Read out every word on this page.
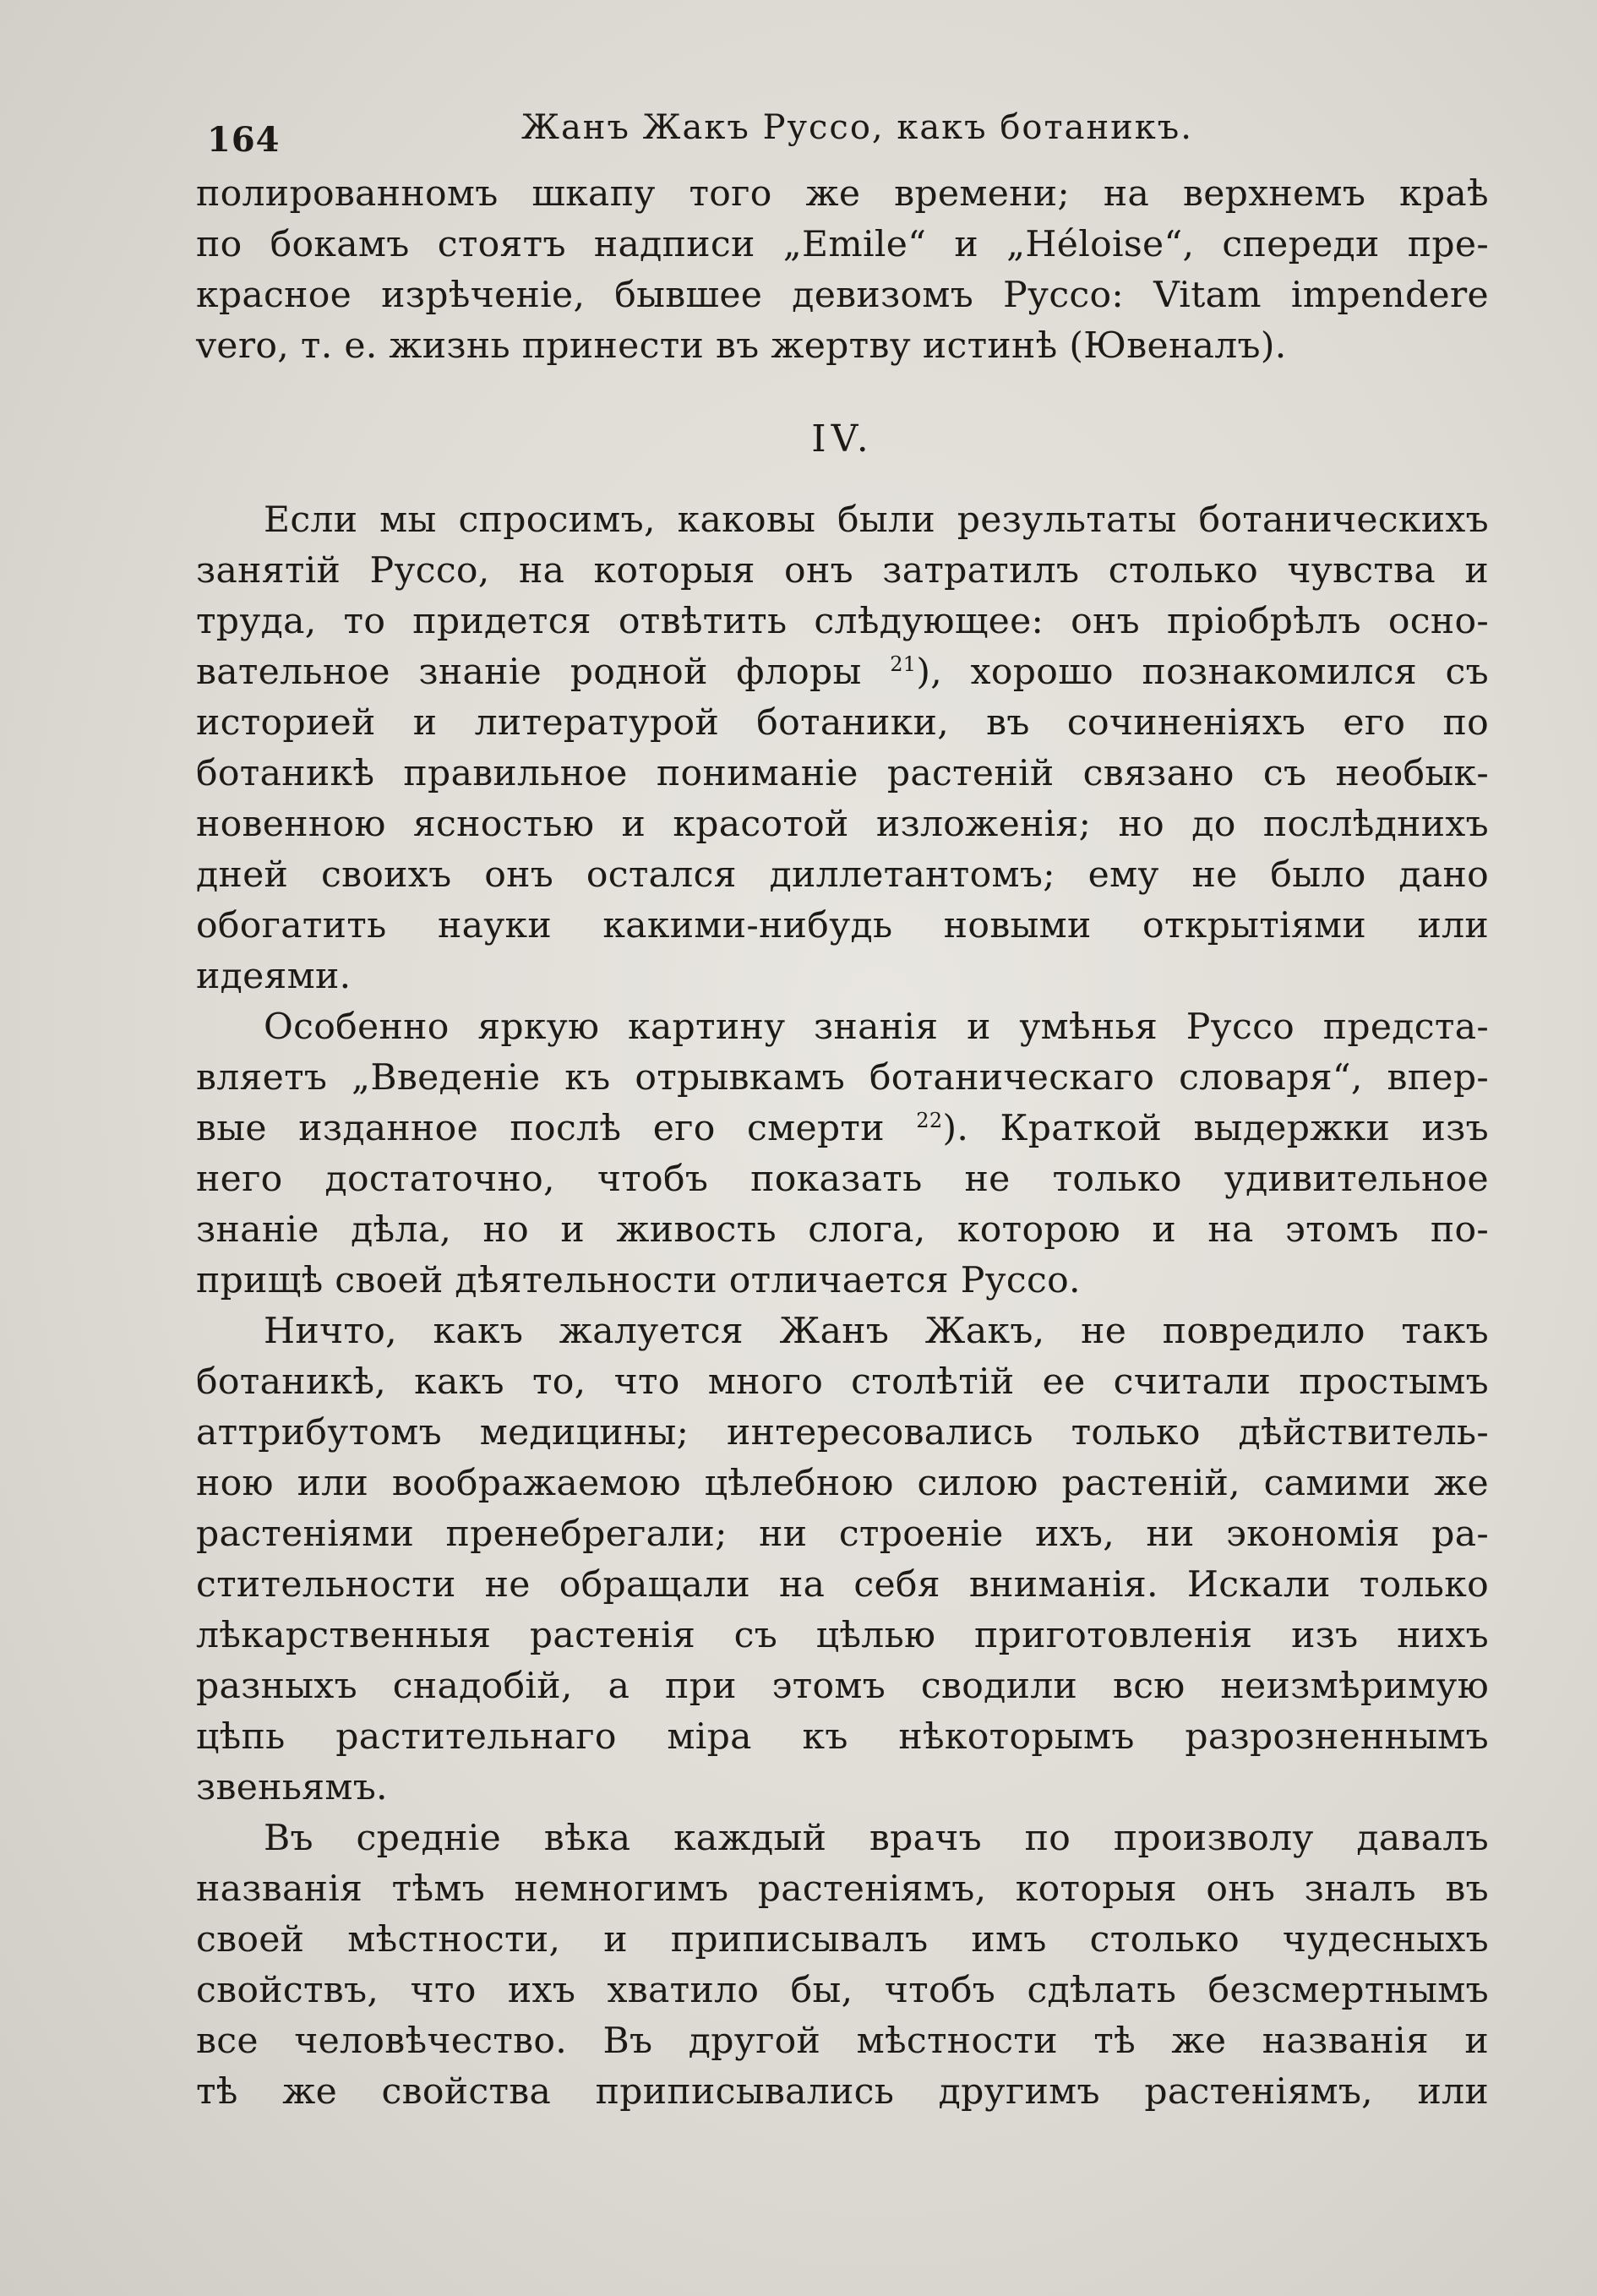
164	Жанъ Жакъ Руссо, какъ ботаникъ.
полированномъ шкапу того же времени; на верхнемъ краѣ
по бокамъ стоятъ надписи „Emile“ и „Héloise“, спереди пре-
красное изрѣченіе, бывшее девизомъ Руссо: Vitam impendere
vero, т. е. жизнь принести въ жертву истинѣ (Ювеналъ).
IV.
Если мы спросимъ, каковы были результаты ботаническихъ
занятій Руссо, на которыя онъ затратилъ столько чувства и
труда, то придется отвѣтить слѣдующее: онъ пріобрѣлъ осно-
вательное знаніе родной флоры $^{21}$), хорошо познакомился съ
историей и литературой ботаники, въ сочиненіяхъ его по
ботаникѣ правильное пониманіе растеній связано съ необык-
новенною ясностью и красотой изложенія; но до послѣднихъ
дней своихъ онъ остался диллетантомъ; ему не было дано
обогатить науки какими-нибудь новыми открытіями или
идеями.
Особенно яркую картину знанія и умѣнья Руссо предста-
вляетъ „Введеніе къ отрывкамъ ботаническаго словаря“, впер-
вые изданное послѣ его смерти $^{22}$). Краткой выдержки изъ
него достаточно, чтобъ показать не только удивительное
знаніе дѣла, но и живость слога, которою и на этомъ по-
прищѣ своей дѣятельности отличается Руссо.
Ничто, какъ жалуется Жанъ Жакъ, не повредило такъ
ботаникѣ, какъ то, что много столѣтій ее считали простымъ
аттрибутомъ медицины; интересовались только дѣйствитель-
ною или воображаемою цѣлебною силою растеній, самими же
растеніями пренебрегали; ни строеніе ихъ, ни экономія ра-
стительности не обращали на себя вниманія. Искали только
лѣкарственныя растенія съ цѣлью приготовленія изъ нихъ
разныхъ снадобій, а при этомъ сводили всю неизмѣримую
цѣпь растительнаго міра къ нѣкоторымъ разрозненнымъ
звеньямъ.
Въ средніе вѣка каждый врачъ по произволу давалъ
названія тѣмъ немногимъ растеніямъ, которыя онъ зналъ въ
своей мѣстности, и приписывалъ имъ столько чудесныхъ
свойствъ, что ихъ хватило бы, чтобъ сдѣлать безсмертнымъ
все человѣчество. Въ другой мѣстности тѣ же названія и
тѣ же свойства приписывались другимъ растеніямъ, или
